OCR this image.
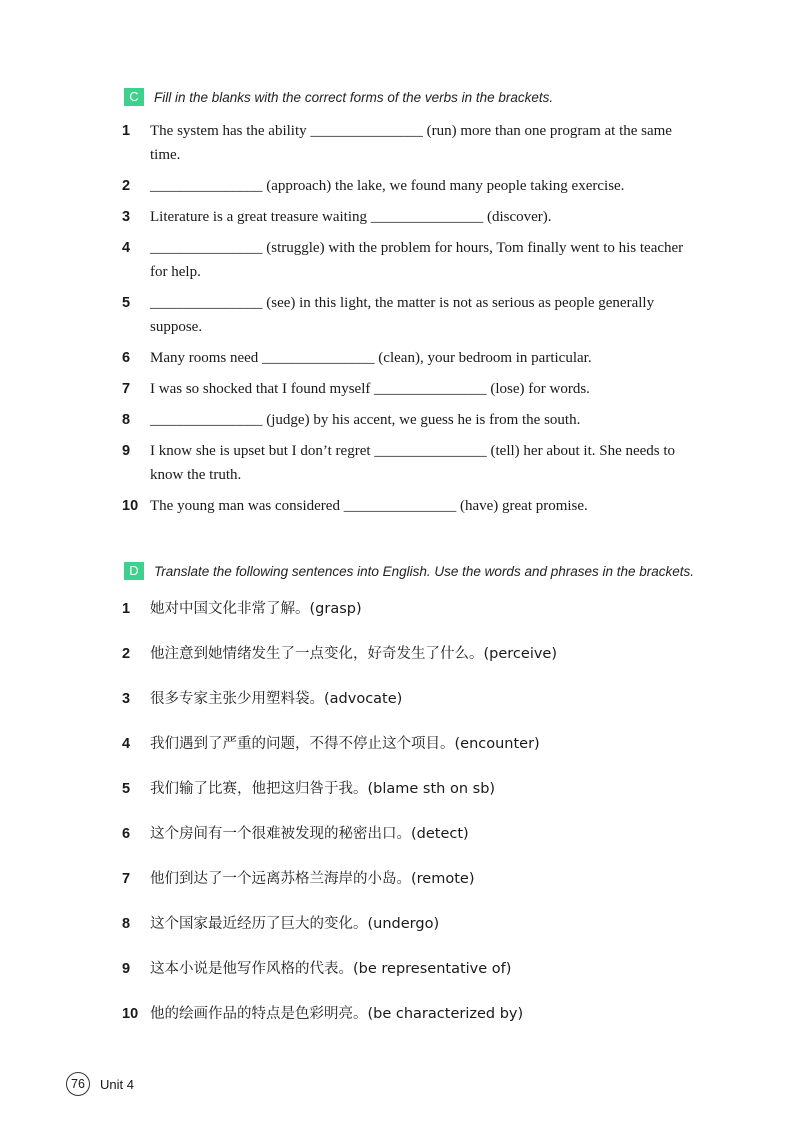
C	Fill in the blanks with the correct forms of the verbs in the brackets.
1	The system has the ability _______________ (run) more than one program at the same time.
2	_______________ (approach) the lake, we found many people taking exercise.
3	Literature is a great treasure waiting _______________ (discover).
4	_______________ (struggle) with the problem for hours, Tom finally went to his teacher for help.
5	_______________ (see) in this light, the matter is not as serious as people generally suppose.
6	Many rooms need _______________ (clean), your bedroom in particular.
7	I was so shocked that I found myself _______________ (lose) for words.
8	_______________ (judge) by his accent, we guess he is from the south.
9	I know she is upset but I don’t regret _______________ (tell) her about it. She needs to know the truth.
10 The young man was considered _______________ (have) great promise.
D	Translate the following sentences into English. Use the words and phrases in the brackets.
1	她对中国文化非常了解。(grasp)
2	他注意到她情绪发生了一点变化，好奇发生了什么。(perceive)
3	很多专家主张少用塑料袋。(advocate)
4	我们遇到了严重的问题，不得不停止这个项目。(encounter)
5	我们输了比赛，他把这归咎于我。(blame sth on sb)
6	这个房间有一个很难被发现的秘密出口。(detect)
7	他们到达了一个远离苏格兰海岸的小岛。(remote)
8	这个国家最近经历了巨大的变化。(undergo)
9	这本小说是他写作风格的代表。(be representative of)
10 他的绘画作品的特点是色彩明亮。(be characterized by)
76	Unit 4
